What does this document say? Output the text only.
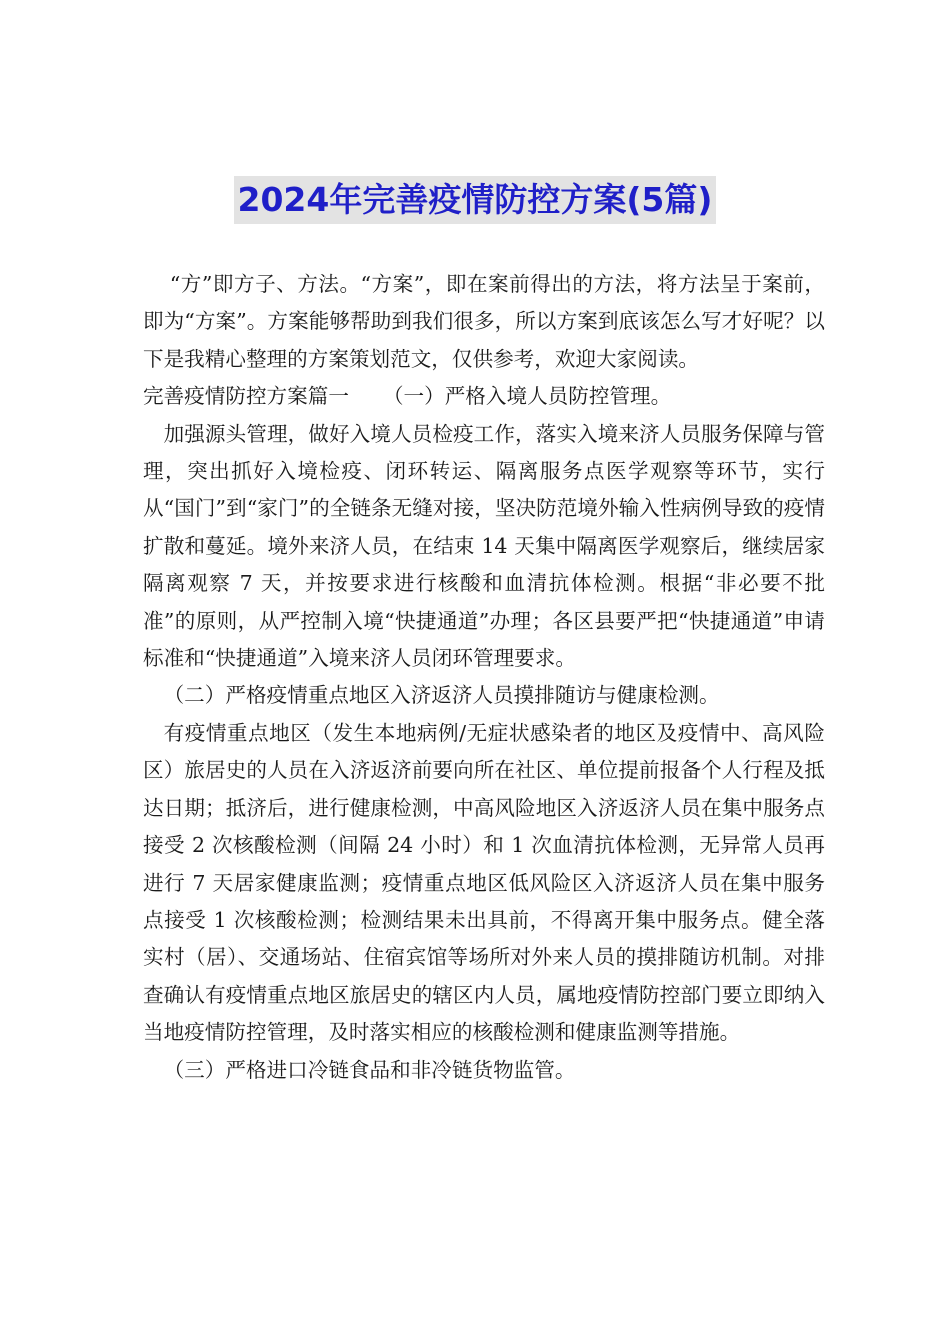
2024年完善疫情防控方案(5篇)

“方”即方子、方法。“方案”，即在案前得出的方法，将方法呈于案前，即为“方案”。方案能够帮助到我们很多，所以方案到底该怎么写才好呢？以下是我精心整理的方案策划范文，仅供参考，欢迎大家阅读。

完善疫情防控方案篇一 （一）严格入境人员防控管理。

加强源头管理，做好入境人员检疫工作，落实入境来济人员服务保障与管理，突出抓好入境检疫、闭环转运、隔离服务点医学观察等环节，实行从“国门”到“家门”的全链条无缝对接，坚决防范境外输入性病例导致的疫情扩散和蔓延。境外来济人员，在结束 14 天集中隔离医学观察后，继续居家隔离观察 7 天，并按要求进行核酸和血清抗体检测。根据“非必要不批准”的原则，从严控制入境“快捷通道”办理；各区县要严把“快捷通道”申请标准和“快捷通道”入境来济人员闭环管理要求。

（二）严格疫情重点地区入济返济人员摸排随访与健康检测。

有疫情重点地区（发生本地病例/无症状感染者的地区及疫情中、高风险区）旅居史的人员在入济返济前要向所在社区、单位提前报备个人行程及抵达日期；抵济后，进行健康检测，中高风险地区入济返济人员在集中服务点接受 2 次核酸检测（间隔 24 小时）和 1 次血清抗体检测，无异常人员再进行 7 天居家健康监测；疫情重点地区低风险区入济返济人员在集中服务点接受 1 次核酸检测；检测结果未出具前，不得离开集中服务点。健全落实村（居）、交通场站、住宿宾馆等场所对外来人员的摸排随访机制。对排查确认有疫情重点地区旅居史的辖区内人员，属地疫情防控部门要立即纳入当地疫情防控管理，及时落实相应的核酸检测和健康监测等措施。

（三）严格进口冷链食品和非冷链货物监管。
